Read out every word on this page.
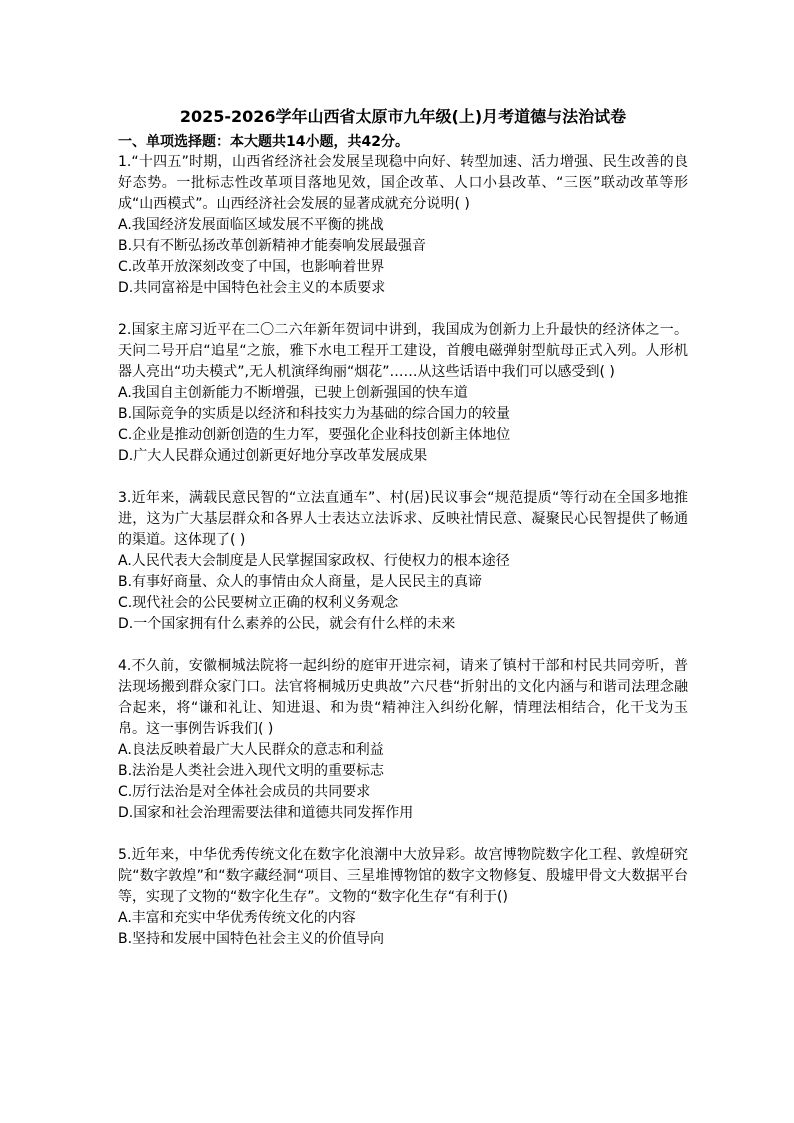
2025-2026学年山西省太原市九年级(上)月考道德与法治试卷

一、单项选择题：本大题共14小题，共42分。

1.“十四五”时期，山西省经济社会发展呈现稳中向好、转型加速、活力增强、民生改善的良好态势。一批标志性改革项目落地见效，国企改革、人口小县改革、“三医”联动改革等形成“山西模式”。山西经济社会发展的显著成就充分说明( )

A.我国经济发展面临区域发展不平衡的挑战

B.只有不断弘扬改革创新精神才能奏响发展最强音

C.改革开放深刻改变了中国，也影响着世界

D.共同富裕是中国特色社会主义的本质要求

2.国家主席习近平在二〇二六年新年贺词中讲到，我国成为创新力上升最快的经济体之一。天问二号开启“追星“之旅，雅下水电工程开工建设，首艘电磁弹射型航母正式入列。人形机器人亮出“功夫模式”,无人机演绎绚丽“烟花”……从这些话语中我们可以感受到( )

A.我国自主创新能力不断增强，已驶上创新强国的快车道

B.国际竞争的实质是以经济和科技实力为基础的综合国力的较量

C.企业是推动创新创造的生力军，要强化企业科技创新主体地位

D.广大人民群众通过创新更好地分享改革发展成果

3.近年来，满载民意民智的“立法直通车”、村(居)民议事会“规范提质“等行动在全国多地推进，这为广大基层群众和各界人士表达立法诉求、反映社情民意、凝聚民心民智提供了畅通的渠道。这体现了( )

A.人民代表大会制度是人民掌握国家政权、行使权力的根本途径

B.有事好商量、众人的事情由众人商量，是人民民主的真谛

C.现代社会的公民要树立正确的权利义务观念

D.一个国家拥有什么素养的公民，就会有什么样的未来

4.不久前，安徽桐城法院将一起纠纷的庭审开进宗祠，请来了镇村干部和村民共同旁听，普法现场搬到群众家门口。法官将桐城历史典故”六尺巷“折射出的文化内涵与和谐司法理念融合起来，将“谦和礼让、知进退、和为贵“精神注入纠纷化解，情理法相结合，化干戈为玉帛。这一事例告诉我们( )

A.良法反映着最广大人民群众的意志和利益

B.法治是人类社会进入现代文明的重要标志

C.厉行法治是对全体社会成员的共同要求

D.国家和社会治理需要法律和道德共同发挥作用

5.近年来，中华优秀传统文化在数字化浪潮中大放异彩。故宫博物院数字化工程、敦煌研究院“数字敦煌”和“数字藏经洞“项目、三星堆博物馆的数字文物修复、殷墟甲骨文大数据平台等，实现了文物的“数字化生存”。文物的“数字化生存“有利于()

A.丰富和充实中华优秀传统文化的内容

B.坚持和发展中国特色社会主义的价值导向
